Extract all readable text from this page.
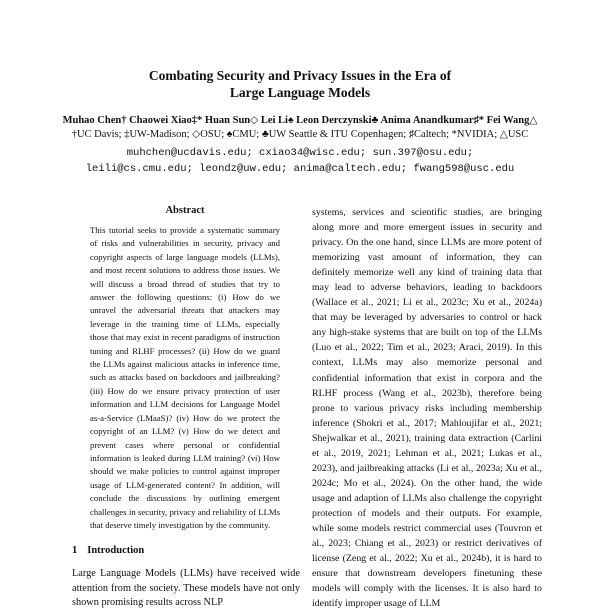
Combating Security and Privacy Issues in the Era of
Large Language Models
Muhao Chen† Chaowei Xiao‡* Huan Sun◇ Lei Li♠ Leon Derczynski♣ Anima Anandkumar♯* Fei Wang△
†UC Davis; ‡UW-Madison; ◇OSU; ♠CMU; ♣UW Seattle & ITU Copenhagen; ♯Caltech; *NVIDIA; △USC
muhchen@ucdavis.edu; cxiao34@wisc.edu; sun.397@osu.edu;
leili@cs.cmu.edu; leondz@uw.edu; anima@caltech.edu; fwang598@usc.edu
Abstract

This tutorial seeks to provide a systematic summary of risks and vulnerabilities in security, privacy and copyright aspects of large language models (LLMs), and most recent solutions to address those issues. We will discuss a broad thread of studies that try to answer the following questions: (i) How do we unravel the adversarial threats that attackers may leverage in the training time of LLMs, especially those that may exist in recent paradigms of instruction tuning and RLHF processes? (ii) How do we guard the LLMs against malicious attacks in inference time, such as attacks based on backdoors and jailbreaking? (iii) How do we ensure privacy protection of user information and LLM decisions for Language Model as-a-Service (LMaaS)? (iv) How do we protect the copyright of an LLM? (v) How do we detect and prevent cases where personal or confidential information is leaked during LLM training? (vi) How should we make policies to control against improper usage of LLM-generated content? In addition, will conclude the discussions by outlining emergent challenges in security, privacy and reliability of LLMs that deserve timely investigation by the community.

1 Introduction

Large Language Models (LLMs) have received wide attention from the society. These models have not only shown promising results across NLP

systems, services and scientific studies, are bringing along more and more emergent issues in security and privacy. On the one hand, since LLMs are more potent of memorizing vast amount of information, they can definitely memorize well any kind of training data that may lead to adverse behaviors, leading to backdoors (Wallace et al., 2021; Li et al., 2023c; Xu et al., 2024a) that may be leveraged by adversaries to control or hack any high-stake systems that are built on top of the LLMs (Luo et al., 2022; Tim et al., 2023; Araci, 2019). In this context, LLMs may also memorize personal and confidential information that exist in corpora and the RLHF process (Wang et al., 2023b), therefore being prone to various privacy risks including membership inference (Shokri et al., 2017; Mahloujifar et al., 2021; Shejwalkar et al., 2021), training data extraction (Carlini et al., 2019, 2021; Lehman et al., 2021; Lukas et al., 2023), and jailbreaking attacks (Li et al., 2023a; Xu et al., 2024c; Mo et al., 2024). On the other hand, the wide usage and adaption of LLMs also challenge the copyright protection of models and their outputs. For example, while some models restrict commercial uses (Touvron et al., 2023; Chiang et al., 2023) or restrict derivatives of license (Zeng et al., 2022; Xu et al., 2024b), it is hard to ensure that downstream developers finetuning these models will comply with the licenses. It is also hard to identify improper usage of LLM
